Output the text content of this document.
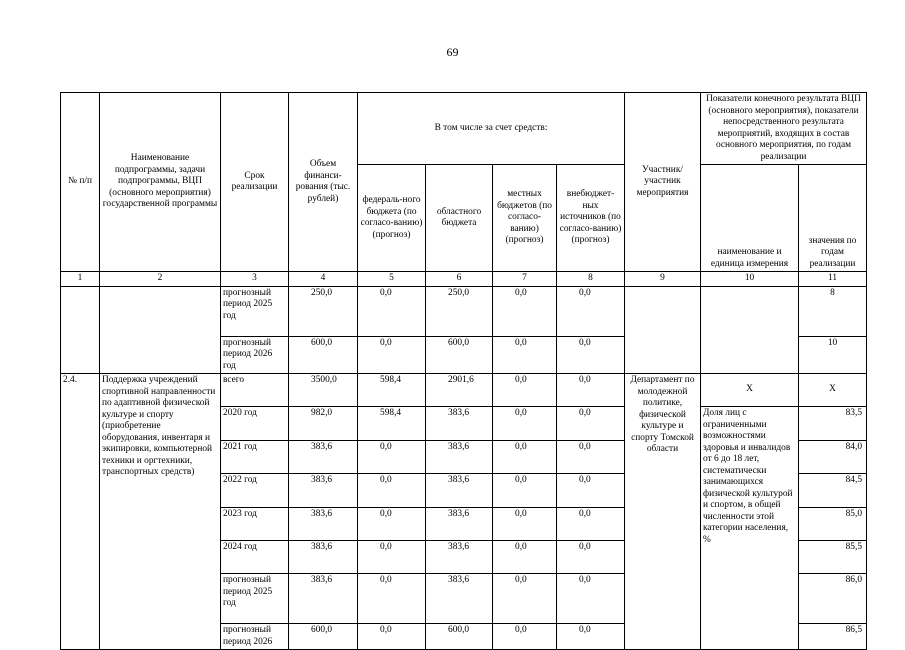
69
№ п/п	Наименование подпрограммы, задачи подпрограммы, ВЦП (основного мероприятия) государственной программы	Срок реализации	Объем финанси-рования (тыс. рублей)	В том числе за счет средств:				Участник/ участник мероприятия	Показатели конечного результата ВЦП (основного мероприятия), показатели непосредственного результата мероприятий, входящих в состав основного мероприятия, по годам реализации	
				федераль-ного бюджета (по согласо-ванию) (прогноз)	областного бюджета	местных бюджетов (по согласо-ванию) (прогноз)	внебюджет-ных источников (по согласо-ванию) (прогноз)		наименование и единица измерения	значения по годам реализации
1	2	3	4	5	6	7	8	9	10	11
		прогнозный период 2025 год	250,0	0,0	250,0	0,0	0,0			8
		прогнозный период 2026 год	600,0	0,0	600,0	0,0	0,0			10
2.4.	Поддержка учреждений спортивной направленности по адаптивной физической культуре и спорту (приобретение оборудования, инвентаря и экипировки, компьютерной техники и оргтехники, транспортных средств)	всего	3500,0	598,4	2901,6	0,0	0,0	Департамент по молодежной политике, физической культуре и спорту Томской области	Х	Х
		2020 год	982,0	598,4	383,6	0,0	0,0		Доля лиц с ограниченными возможностями здоровья и инвалидов от 6 до 18 лет, систематически занимающихся физической культурой и спортом, в общей численности этой категории населения, %	83,5
		2021 год	383,6	0,0	383,6	0,0	0,0			84,0
		2022 год	383,6	0,0	383,6	0,0	0,0			84,5
		2023 год	383,6	0,0	383,6	0,0	0,0			85,0
		2024 год	383,6	0,0	383,6	0,0	0,0			85,5
		прогнозный период 2025 год	383,6	0,0	383,6	0,0	0,0			86,0
		прогнозный период 2026	600,0	0,0	600,0	0,0	0,0			86,5
